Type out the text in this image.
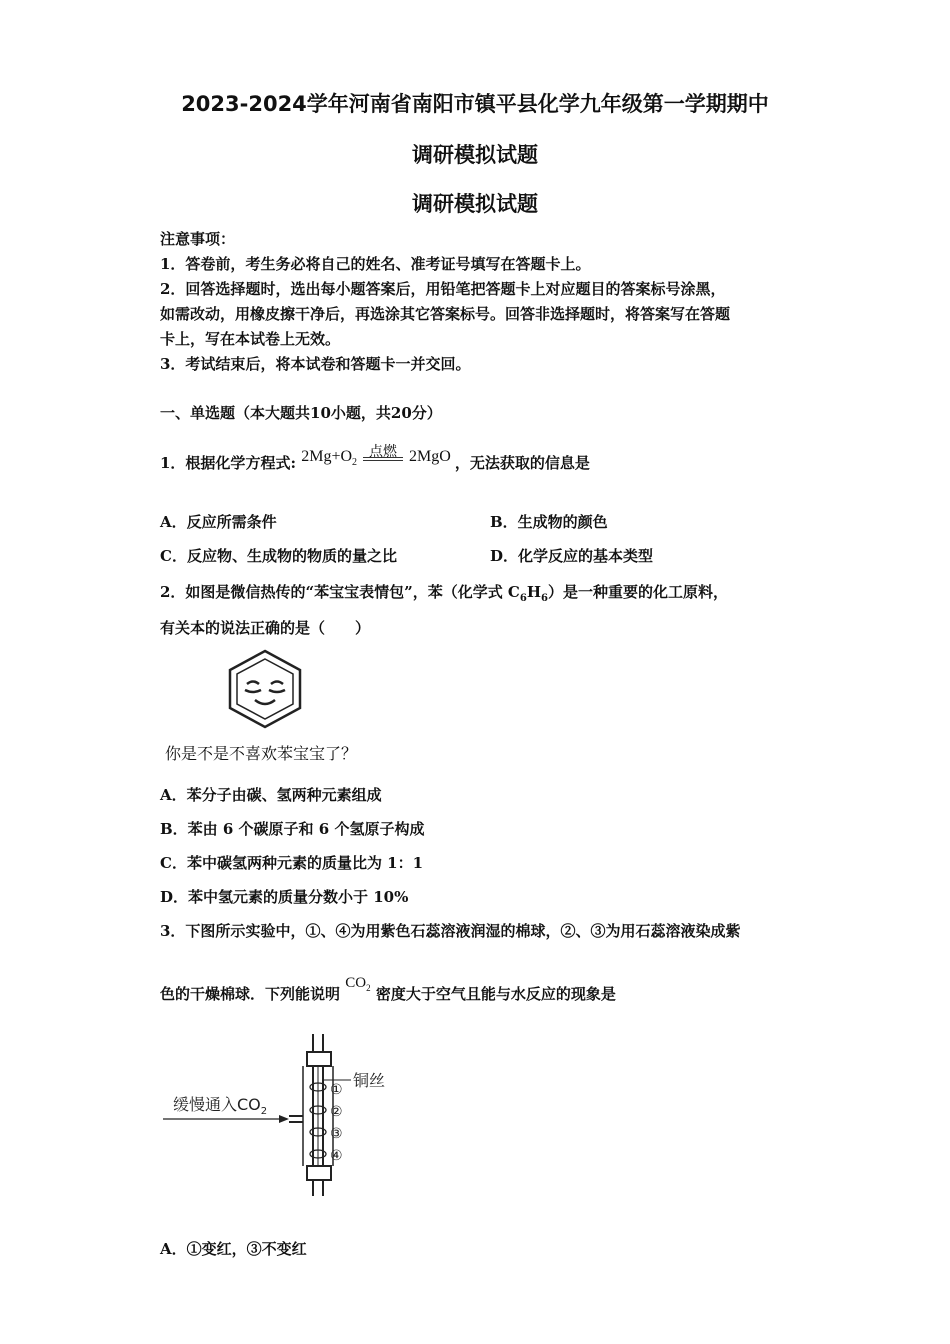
2023-2024学年河南省南阳市镇平县化学九年级第一学期期中
调研模拟试题
调研模拟试题
注意事项：
1．答卷前，考生务必将自己的姓名、准考证号填写在答题卡上。
2．回答选择题时，选出每小题答案后，用铅笔把答题卡上对应题目的答案标号涂黑，
如需改动，用橡皮擦干净后，再选涂其它答案标号。回答非选择题时，将答案写在答题
卡上，写在本试卷上无效。
3．考试结束后，将本试卷和答题卡一并交回。
一、单选题（本大题共10小题，共20分）
1．根据化学方程式: $2Mg+O_2$
点燃 2MgO ，无法获取的信息是
A．反应所需条件	B．生成物的颜色
C．反应物、生成物的物质的量之比	D．化学反应的基本类型
2．如图是微信热传的“苯宝宝表情包”，苯（化学式 $C_6H_6$）是一种重要的化工原料，
有关本的说法正确的是（　　）
你是不是不喜欢苯宝宝了？
A．苯分子由碳、氢两种元素组成
B．苯由 6 个碳原子和 6 个氢原子构成
C．苯中碳氢两种元素的质量比为 1：1
D．苯中氢元素的质量分数小于 10%
3．下图所示实验中，①、④为用紫色石蕊溶液润湿的棉球，②、③为用石蕊溶液染成紫
色的干燥棉球．下列能说明 $CO_2$ 密度大于空气且能与水反应的现象是
铜丝
①
②
③
④
缓慢通入$CO_2$
A．①变红，③不变红
